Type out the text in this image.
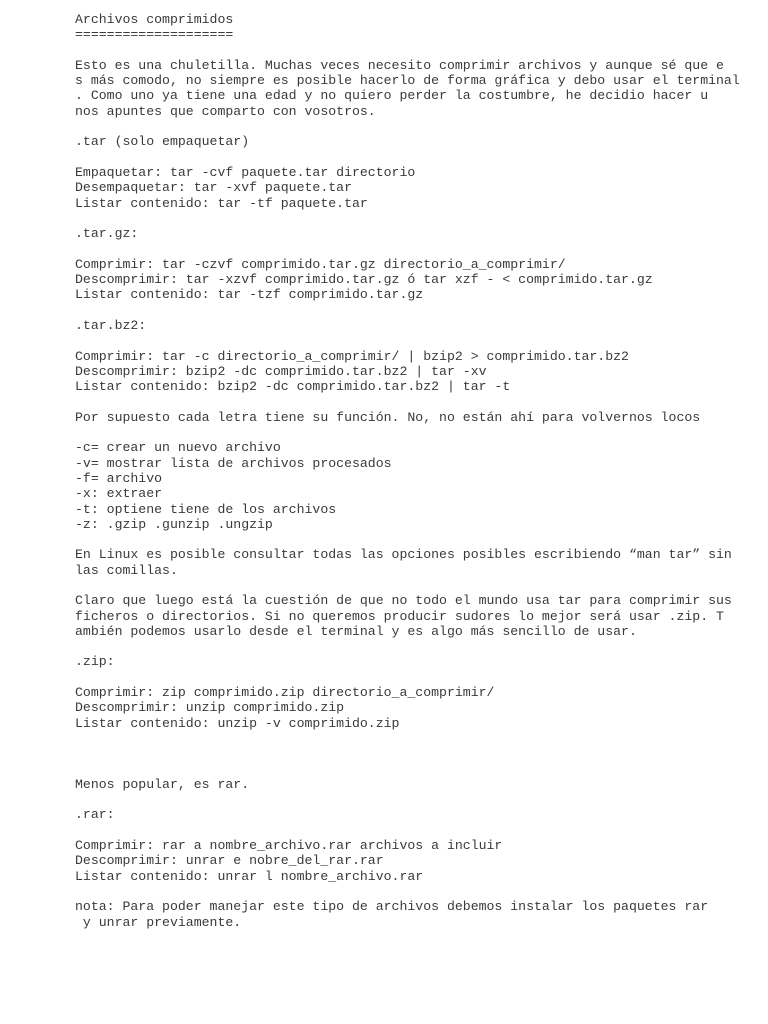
Archivos comprimidos
====================
Esto es una chuletilla. Muchas veces necesito comprimir archivos y aunque sé que e
s más comodo, no siempre es posible hacerlo de forma gráfica y debo usar el terminal
. Como uno ya tiene una edad y no quiero perder la costumbre, he decidio hacer u
nos apuntes que comparto con vosotros.
.tar (solo empaquetar)
Empaquetar: tar -cvf paquete.tar directorio
Desempaquetar: tar -xvf paquete.tar
Listar contenido: tar -tf paquete.tar
.tar.gz:
Comprimir: tar -czvf comprimido.tar.gz directorio_a_comprimir/
Descomprimir: tar -xzvf comprimido.tar.gz ó tar xzf - < comprimido.tar.gz
Listar contenido: tar -tzf comprimido.tar.gz
.tar.bz2:
Comprimir: tar -c directorio_a_comprimir/ | bzip2 > comprimido.tar.bz2
Descomprimir: bzip2 -dc comprimido.tar.bz2 | tar -xv
Listar contenido: bzip2 -dc comprimido.tar.bz2 | tar -t
Por supuesto cada letra tiene su función. No, no están ahí para volvernos locos
-c= crear un nuevo archivo
-v= mostrar lista de archivos procesados
-f= archivo
-x: extraer
-t: optiene tiene de los archivos
-z: .gzip .gunzip .ungzip
En Linux es posible consultar todas las opciones posibles escribiendo “man tar” sin
las comillas.
Claro que luego está la cuestión de que no todo el mundo usa tar para comprimir sus
ficheros o directorios. Si no queremos producir sudores lo mejor será usar .zip. T
ambién podemos usarlo desde el terminal y es algo más sencillo de usar.
.zip:
Comprimir: zip comprimido.zip directorio_a_comprimir/
Descomprimir: unzip comprimido.zip
Listar contenido: unzip -v comprimido.zip
Menos popular, es rar.
.rar:
Comprimir: rar a nombre_archivo.rar archivos a incluir
Descomprimir: unrar e nobre_del_rar.rar
Listar contenido: unrar l nombre_archivo.rar
nota: Para poder manejar este tipo de archivos debemos instalar los paquetes rar
y unrar previamente.
